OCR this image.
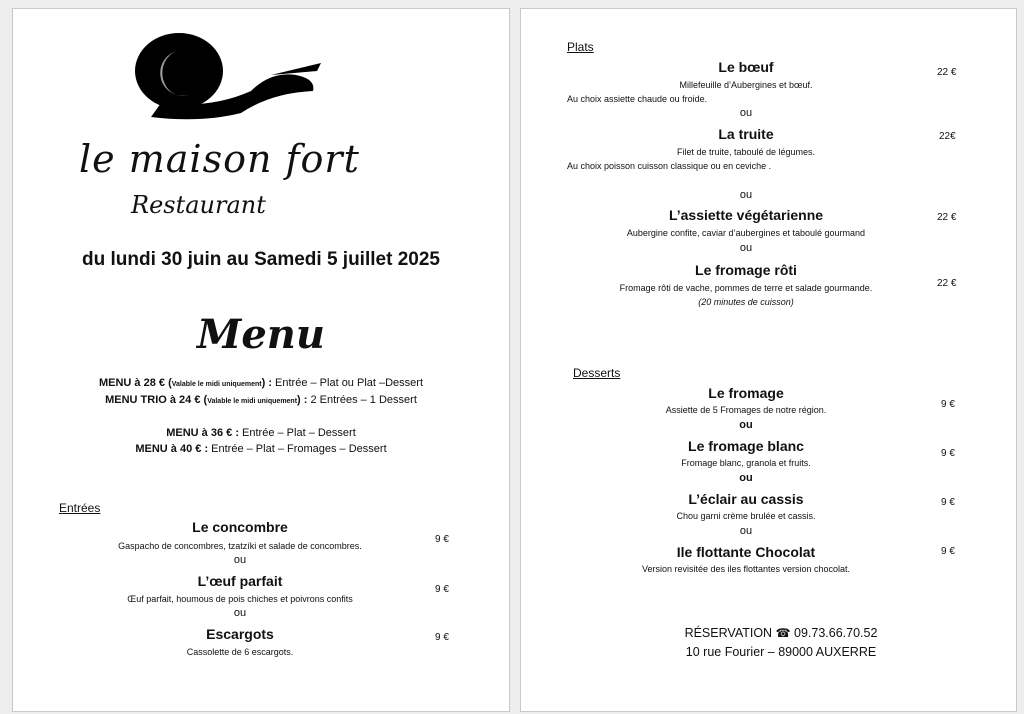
le maison fort
Restaurant
du lundi 30 juin au Samedi 5 juillet 2025
Menu
MENU à 28 € (Valable le midi uniquement) : Entrée – Plat ou Plat –Dessert
MENU TRIO à 24 € (Valable le midi uniquement) : 2 Entrées – 1 Dessert
MENU à 36 € : Entrée – Plat – Dessert
MENU à 40 € : Entrée – Plat – Fromages – Dessert
Entrées
Le concombre
Gaspacho de concombres, tzatzíki et salade de concombres.
9 €
ou
L’œuf parfait
Œuf parfait, houmous de pois chiches et poivrons confits
9 €
ou
Escargots
Cassolette de 6 escargots.
9 €
Plats
Le bœuf
Millefeuille d’Aubergines et bœuf.
Au choix assiette chaude ou froide.
22 €
ou
La truite
Filet de truite, taboulé de légumes.
Au choix poisson cuisson classique ou en ceviche .
22€
ou
L’assiette végétarienne
Aubergine confite, caviar d’aubergines et taboulé gourmand
22 €
ou
Le fromage rôti
Fromage rôti de vache, pommes de terre et salade gourmande.
(20 minutes de cuisson)
22 €
Desserts
Le fromage
Assiette de 5 Fromages de notre région.	9 €
ou
Le fromage blanc
Fromage blanc, granola et fruits.
9 €
ou
L’éclair au cassis
Chou garni crème brulée et cassis.
9 €
ou
Ile flottante Chocolat
Version revisitée des iles flottantes version chocolat.
9 €
RÉSERVATION ☎ 09.73.66.70.52
10 rue Fourier – 89000 AUXERRE
